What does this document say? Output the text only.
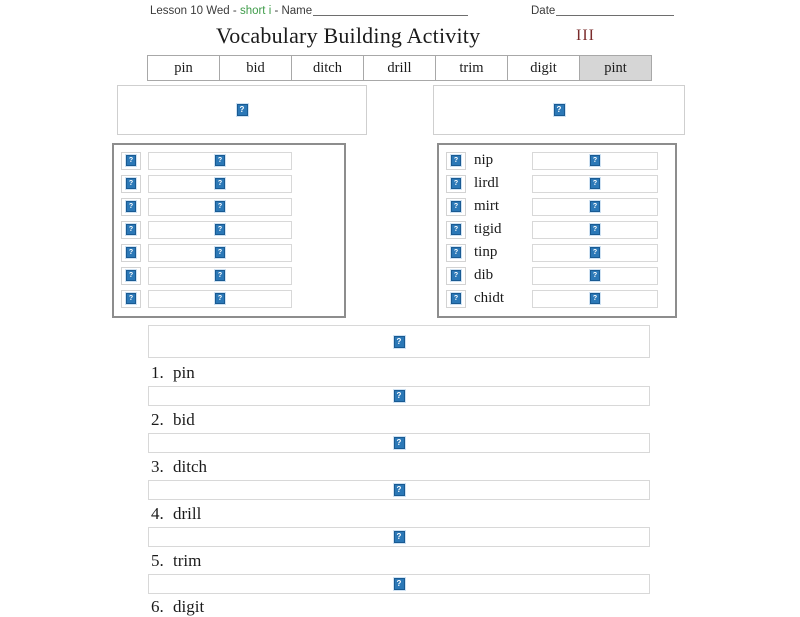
Lesson 10 Wed - short i - Name	Date
Vocabulary Building Activity	III
pin	bid	ditch	drill	trim	digit	pint
?	?
?	?
?	?
?	?
?	?
?	?
?	?
?	?
? nip	?
? lirdl	?
? mirt	?
? tigid	?
? tinp	?
? dib	?
? chidt	?
?
1. pin
?
2. bid
?
3. ditch
?
4. drill
?
5. trim
?
6. digit
